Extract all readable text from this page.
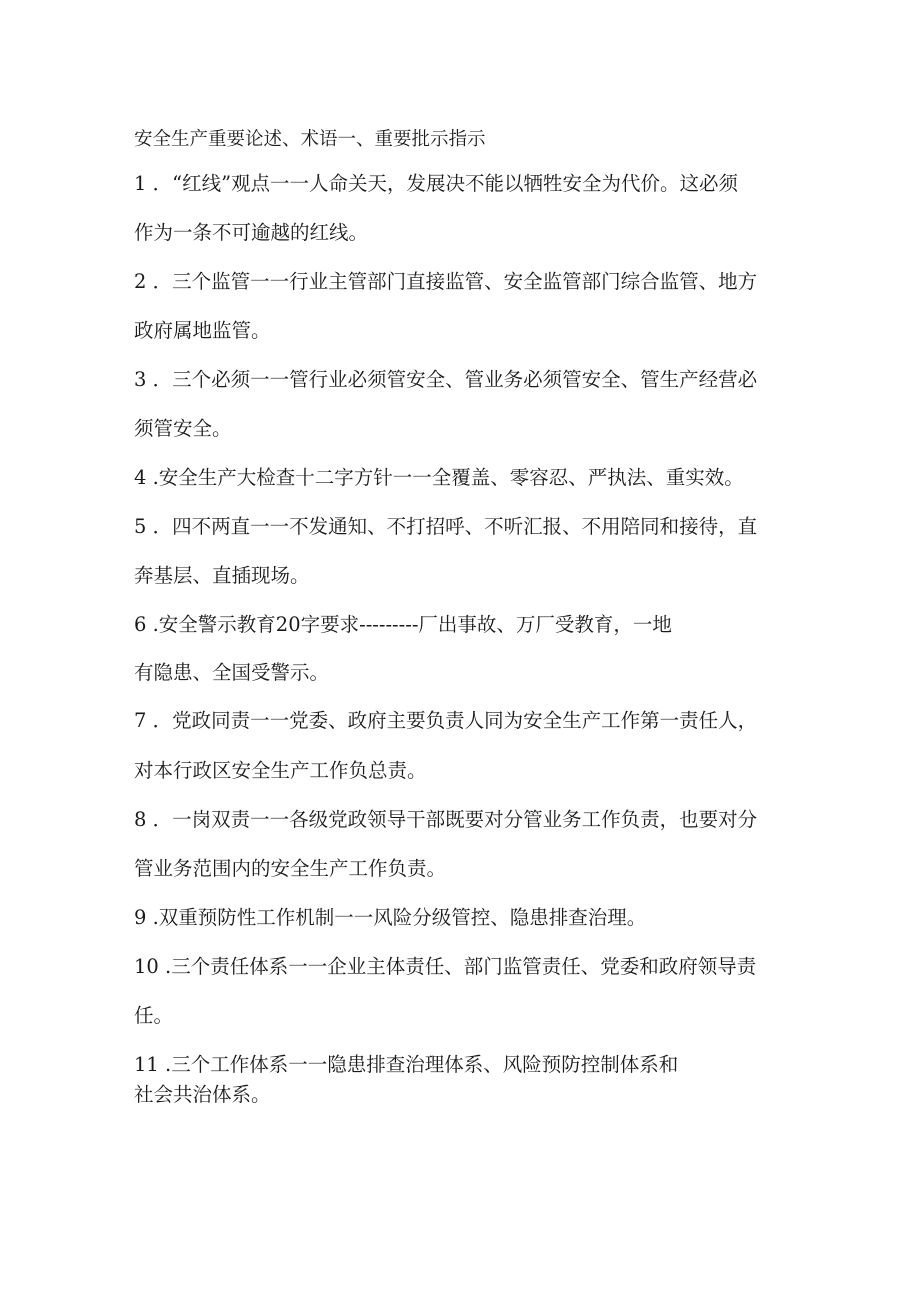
安全生产重要论述、术语一、重要批示指示
1 ．“红线”观点一一人命关天，发展决不能以牺牲安全为代价。这必须
作为一条不可逾越的红线。
2 ．三个监管一一行业主管部门直接监管、安全监管部门综合监管、地方
政府属地监管。
3 ．三个必须一一管行业必须管安全、管业务必须管安全、管生产经营必
须管安全。
4 .安全生产大检查十二字方针一一全覆盖、零容忍、严执法、重实效。
5 ．四不两直一一不发通知、不打招呼、不听汇报、不用陪同和接待，直
奔基层、直插现场。
6 .安全警示教育20字要求---------厂出事故、万厂受教育，一地
有隐患、全国受警示。
7 ．党政同责一一党委、政府主要负责人同为安全生产工作第一责任人，
对本行政区安全生产工作负总责。
8 ．一岗双责一一各级党政领导干部既要对分管业务工作负责，也要对分
管业务范围内的安全生产工作负责。
9 .双重预防性工作机制一一风险分级管控、隐患排查治理。
10 .三个责任体系一一企业主体责任、部门监管责任、党委和政府领导责
任。
11 .三个工作体系一一隐患排查治理体系、风险预防控制体系和
社会共治体系。
